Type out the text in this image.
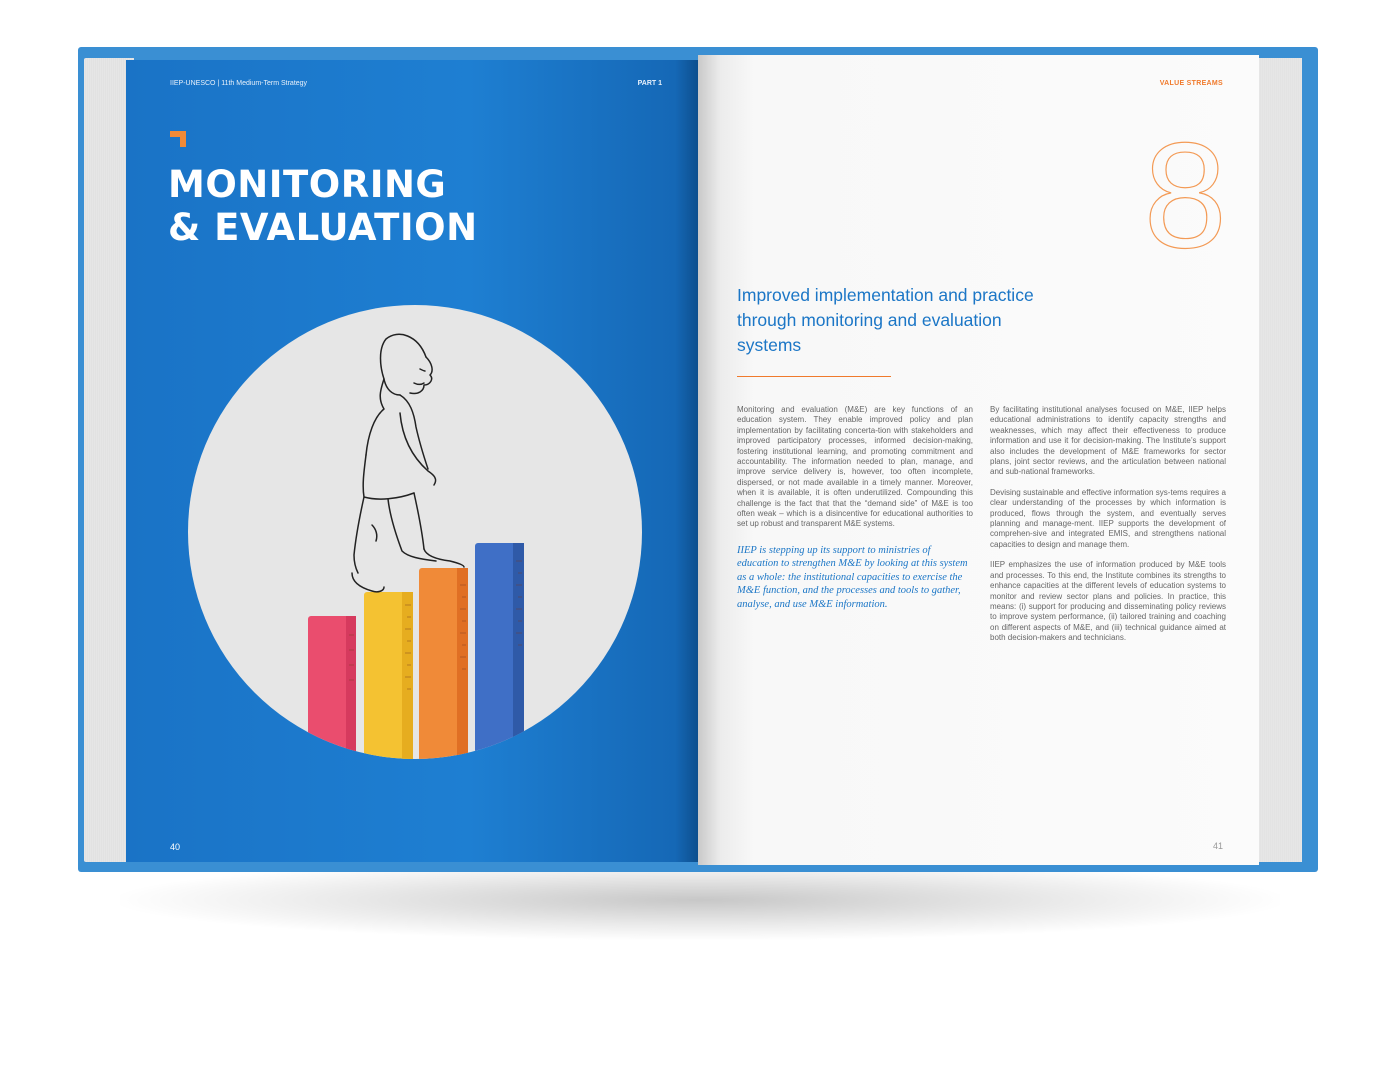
IIEP-UNESCO | 11th Medium-Term Strategy	PART 1
MONITORING
& EVALUATION
40
VALUE STREAMS
8
Improved implementation and practice through monitoring and evaluation systems

Monitoring and evaluation (M&E) are key functions of an education system. They enable improved policy and plan implementation by facilitating concerta-tion with stakeholders and improved participatory processes, informed decision-making, fostering institutional learning, and promoting commitment and accountability. The information needed to plan, manage, and improve service delivery is, however, too often incomplete, dispersed, or not made available in a timely manner. Moreover, when it is available, it is often underutilized. Compounding this challenge is the fact that that the “demand side” of M&E is too often weak – which is a disincentive for educational authorities to set up robust and transparent M&E systems.

IIEP is stepping up its support to ministries of education to strengthen M&E by looking at this system as a whole: the institutional capacities to exercise the M&E function, and the processes and tools to gather, analyse, and use M&E information.

By facilitating institutional analyses focused on M&E, IIEP helps educational administrations to identify capacity strengths and weaknesses, which may affect their effectiveness to produce information and use it for decision-making. The Institute’s support also includes the development of M&E frameworks for sector plans, joint sector reviews, and the articulation between national and sub-national frameworks.

Devising sustainable and effective information sys-tems requires a clear understanding of the processes by which information is produced, flows through the system, and eventually serves planning and manage-ment. IIEP supports the development of comprehen-sive and integrated EMIS, and strengthens national capacities to design and manage them.

IIEP emphasizes the use of information produced by M&E tools and processes. To this end, the Institute combines its strengths to enhance capacities at the different levels of education systems to monitor and review sector plans and policies. In practice, this means: (i) support for producing and disseminating policy reviews to improve system performance, (ii) tailored training and coaching on different aspects of M&E, and (iii) technical guidance aimed at both decision-makers and technicians.

41
